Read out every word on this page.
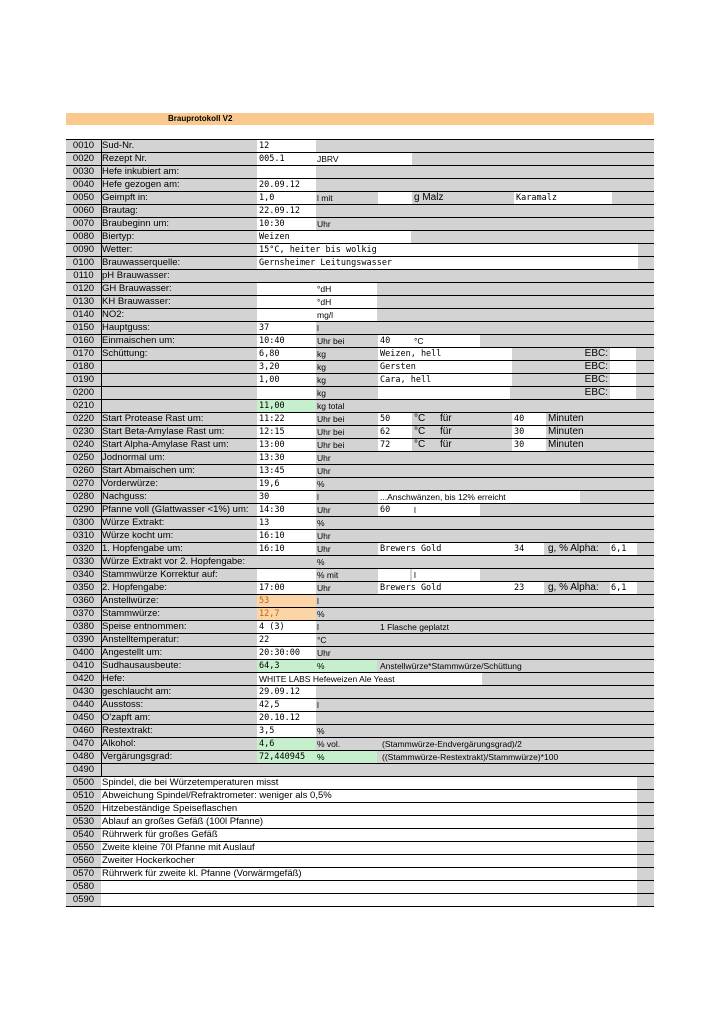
Brauprotokoll V2
0010 Sud-Nr.	12
0020 Rezept Nr.	005.1	JBRV
0030 Hefe inkubiert am:
0040 Hefe gezogen am:	20.09.12
0050 Geimpft in:	1,0	l mit	g Malz	Karamalz
0060 Brautag:	22.09.12
0070 Braubeginn um:	10:30	Uhr
0080 Biertyp:	Weizen
0090 Wetter:	15°C, heiter bis wolkig
0100 Brauwasserquelle:	Gernsheimer Leitungswasser
0110 pH Brauwasser:
0120 GH Brauwasser:	°dH
0130 KH Brauwasser:	°dH
0140 NO2:	mg/l
0150 Hauptguss:	37	l
0160 Einmaischen um:	10:40	Uhr bei	40	°C
0170 Schüttung:	6,80	kg	Weizen, hell	EBC:
0180	3,20	kg	Gersten	EBC:
0190	1,00	kg	Cara, hell	EBC:
0200	kg	EBC:
0210	11,00	kg total
0220 Start Protease Rast um:	11:22	Uhr bei	50	°C	für	40	Minuten
0230 Start Beta-Amylase Rast um:	12:15	Uhr bei	62	°C	für	30	Minuten
0240 Start Alpha-Amylase Rast um:	13:00	Uhr bei	72	°C	für	30	Minuten
0250 Jodnormal um:	13:30	Uhr
0260 Start Abmaischen um:	13:45	Uhr
0270 Vorderwürze:	19,6	%
0280 Nachguss:	30	l	...Anschwänzen, bis 12% erreicht
0290 Pfanne voll (Glattwasser <1%) um:	14:30	Uhr	60	l
0300 Würze Extrakt:	13	%
0310 Würze kocht um:	16:10	Uhr
0320 1. Hopfengabe um:	16:10	Uhr	Brewers Gold	34	g, % Alpha:	6,1
0330 Würze Extrakt vor 2. Hopfengabe:	%
0340 Stammwürze Korrektur auf:	% mit	l
0350 2. Hopfengabe:	17:00	Uhr	Brewers Gold	23	g, % Alpha:	6,1
0360 Anstellwürze:	53	l
0370 Stammwürze:	12,7	%
0380 Speise entnommen:	4 (3)	l	1 Flasche geplatzt
0390 Anstelltemperatur:	22	°C
0400 Angestellt um:	20:30:00	Uhr
0410 Sudhausausbeute:	64,3	%	Anstellwürze*Stammwürze/Schüttung
0420 Hefe:	WHITE LABS Hefeweizen Ale Yeast
0430 geschlaucht am:	29.09.12
0440 Ausstoss:	42,5	l
0450 O'zapft am:	20.10.12
0460 Restextrakt:	3,5	%
0470 Alkohol:	4,6	% vol.	(Stammwürze-Endvergärungsgrad)/2
0480 Vergärungsgrad:	72,440945	%	((Stammwürze-Restextrakt)/Stammwürze)*100
0490
0500 Spindel, die bei Würzetemperaturen misst
0510 Abweichung Spindel/Refraktrometer: weniger als 0,5%
0520 Hitzebeständige Speiseflaschen
0530 Ablauf an großes Gefäß (100l Pfanne)
0540 Rührwerk für großes Gefäß
0550 Zweite kleine 70l Pfanne mit Auslauf
0560 Zweiter Hockerkocher
0570 Rührwerk für zweite kl. Pfanne (Vorwärmgefäß)
0580
0590
